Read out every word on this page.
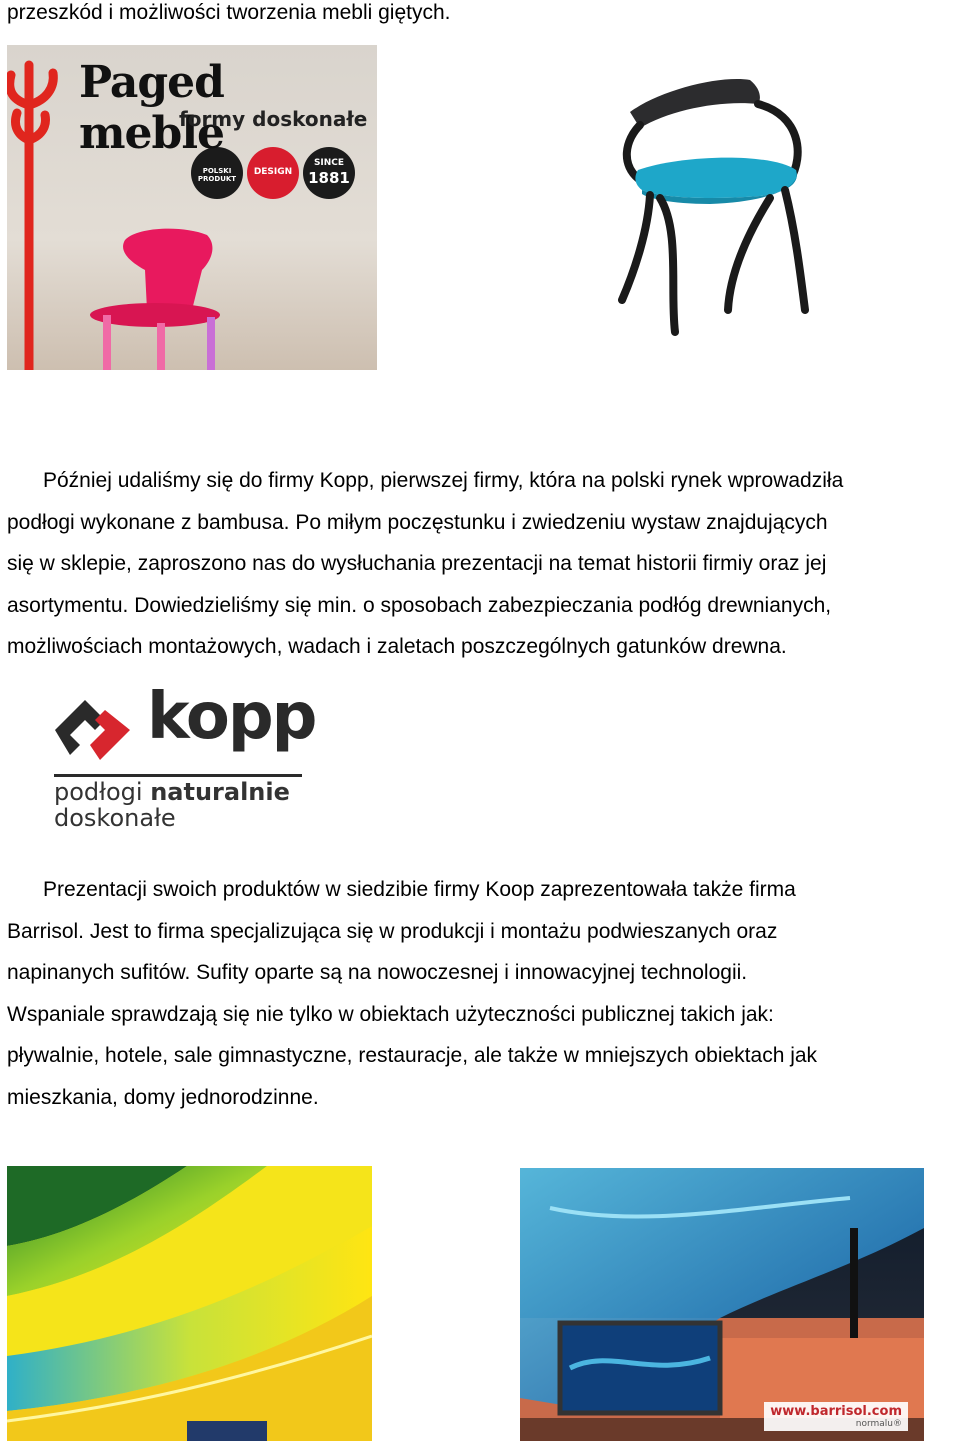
przeszkód i możliwości tworzenia mebli giętych.

Paged meble
formy doskonałe
POLSKI PRODUKT
DESIGN
SINCE
1881

Później udaliśmy się do firmy Kopp, pierwszej firmy, która na polski rynek wprowadziła
podłogi wykonane z bambusa. Po miłym poczęstunku i zwiedzeniu wystaw znajdujących
się w sklepie, zaproszono nas do wysłuchania prezentacji na temat historii firmiy oraz jej
asortymentu. Dowiedzieliśmy się min. o sposobach zabezpieczania podłóg drewnianych,
możliwościach montażowych, wadach i zaletach poszczególnych gatunków drewna.

kopp
podłogi naturalnie
doskonałe

Prezentacji swoich produktów w siedzibie firmy Koop zaprezentowała także firma
Barrisol. Jest to firma specjalizująca się w produkcji i montażu podwieszanych oraz
napinanych sufitów. Sufity oparte są na nowoczesnej i innowacyjnej technologii.
Wspaniale sprawdzają się nie tylko w obiektach użyteczności publicznej takich jak:
pływalnie, hotele, sale gimnastyczne, restauracje, ale także w mniejszych obiektach jak
mieszkania, domy jednorodzinne.

www.barrisol.com
normalu®
